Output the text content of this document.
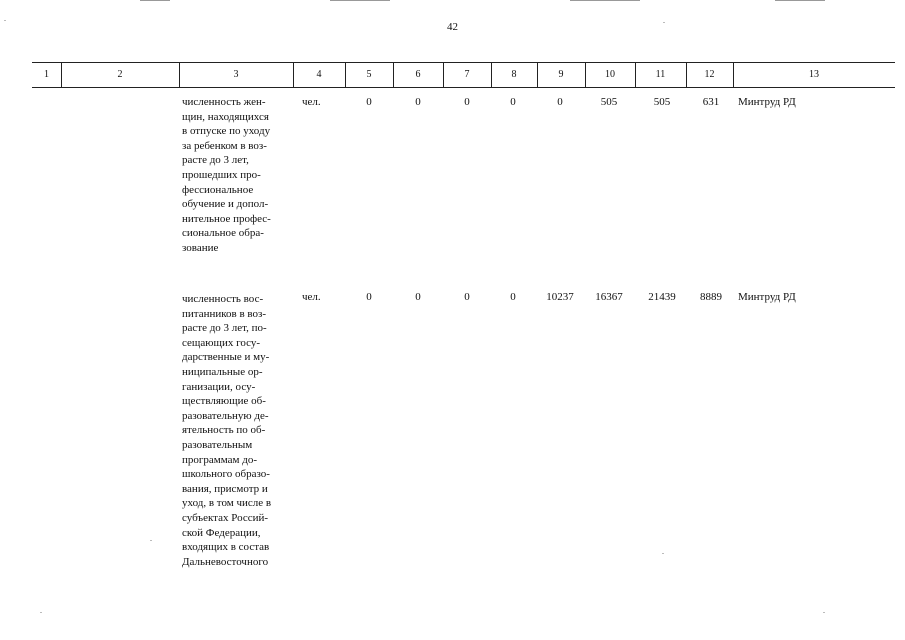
42
1	2	3	4	5	6	7	8	9	10	11	12	13
численность жен-
щин, находящихся
в отпуске по уходу
за ребенком в воз-
расте до 3 лет,
прошедших про-
фессиональное
обучение и допол-
нительное профес-
сиональное обра-
зование
чел.	0	0	0	0	0	505	505	631	Минтруд РД
численность вос-
питанников в воз-
расте до 3 лет, по-
сещающих госу-
дарственные и му-
ниципальные ор-
ганизации, осу-
ществляющие об-
разовательную де-
ятельность по об-
разовательным
программам до-
школьного образо-
вания, присмотр и
уход, в том числе в
субъектах Россий-
ской Федерации,
входящих в состав
Дальневосточного
чел.	0	0	0	0	10237	16367	21439	8889	Минтруд РД
